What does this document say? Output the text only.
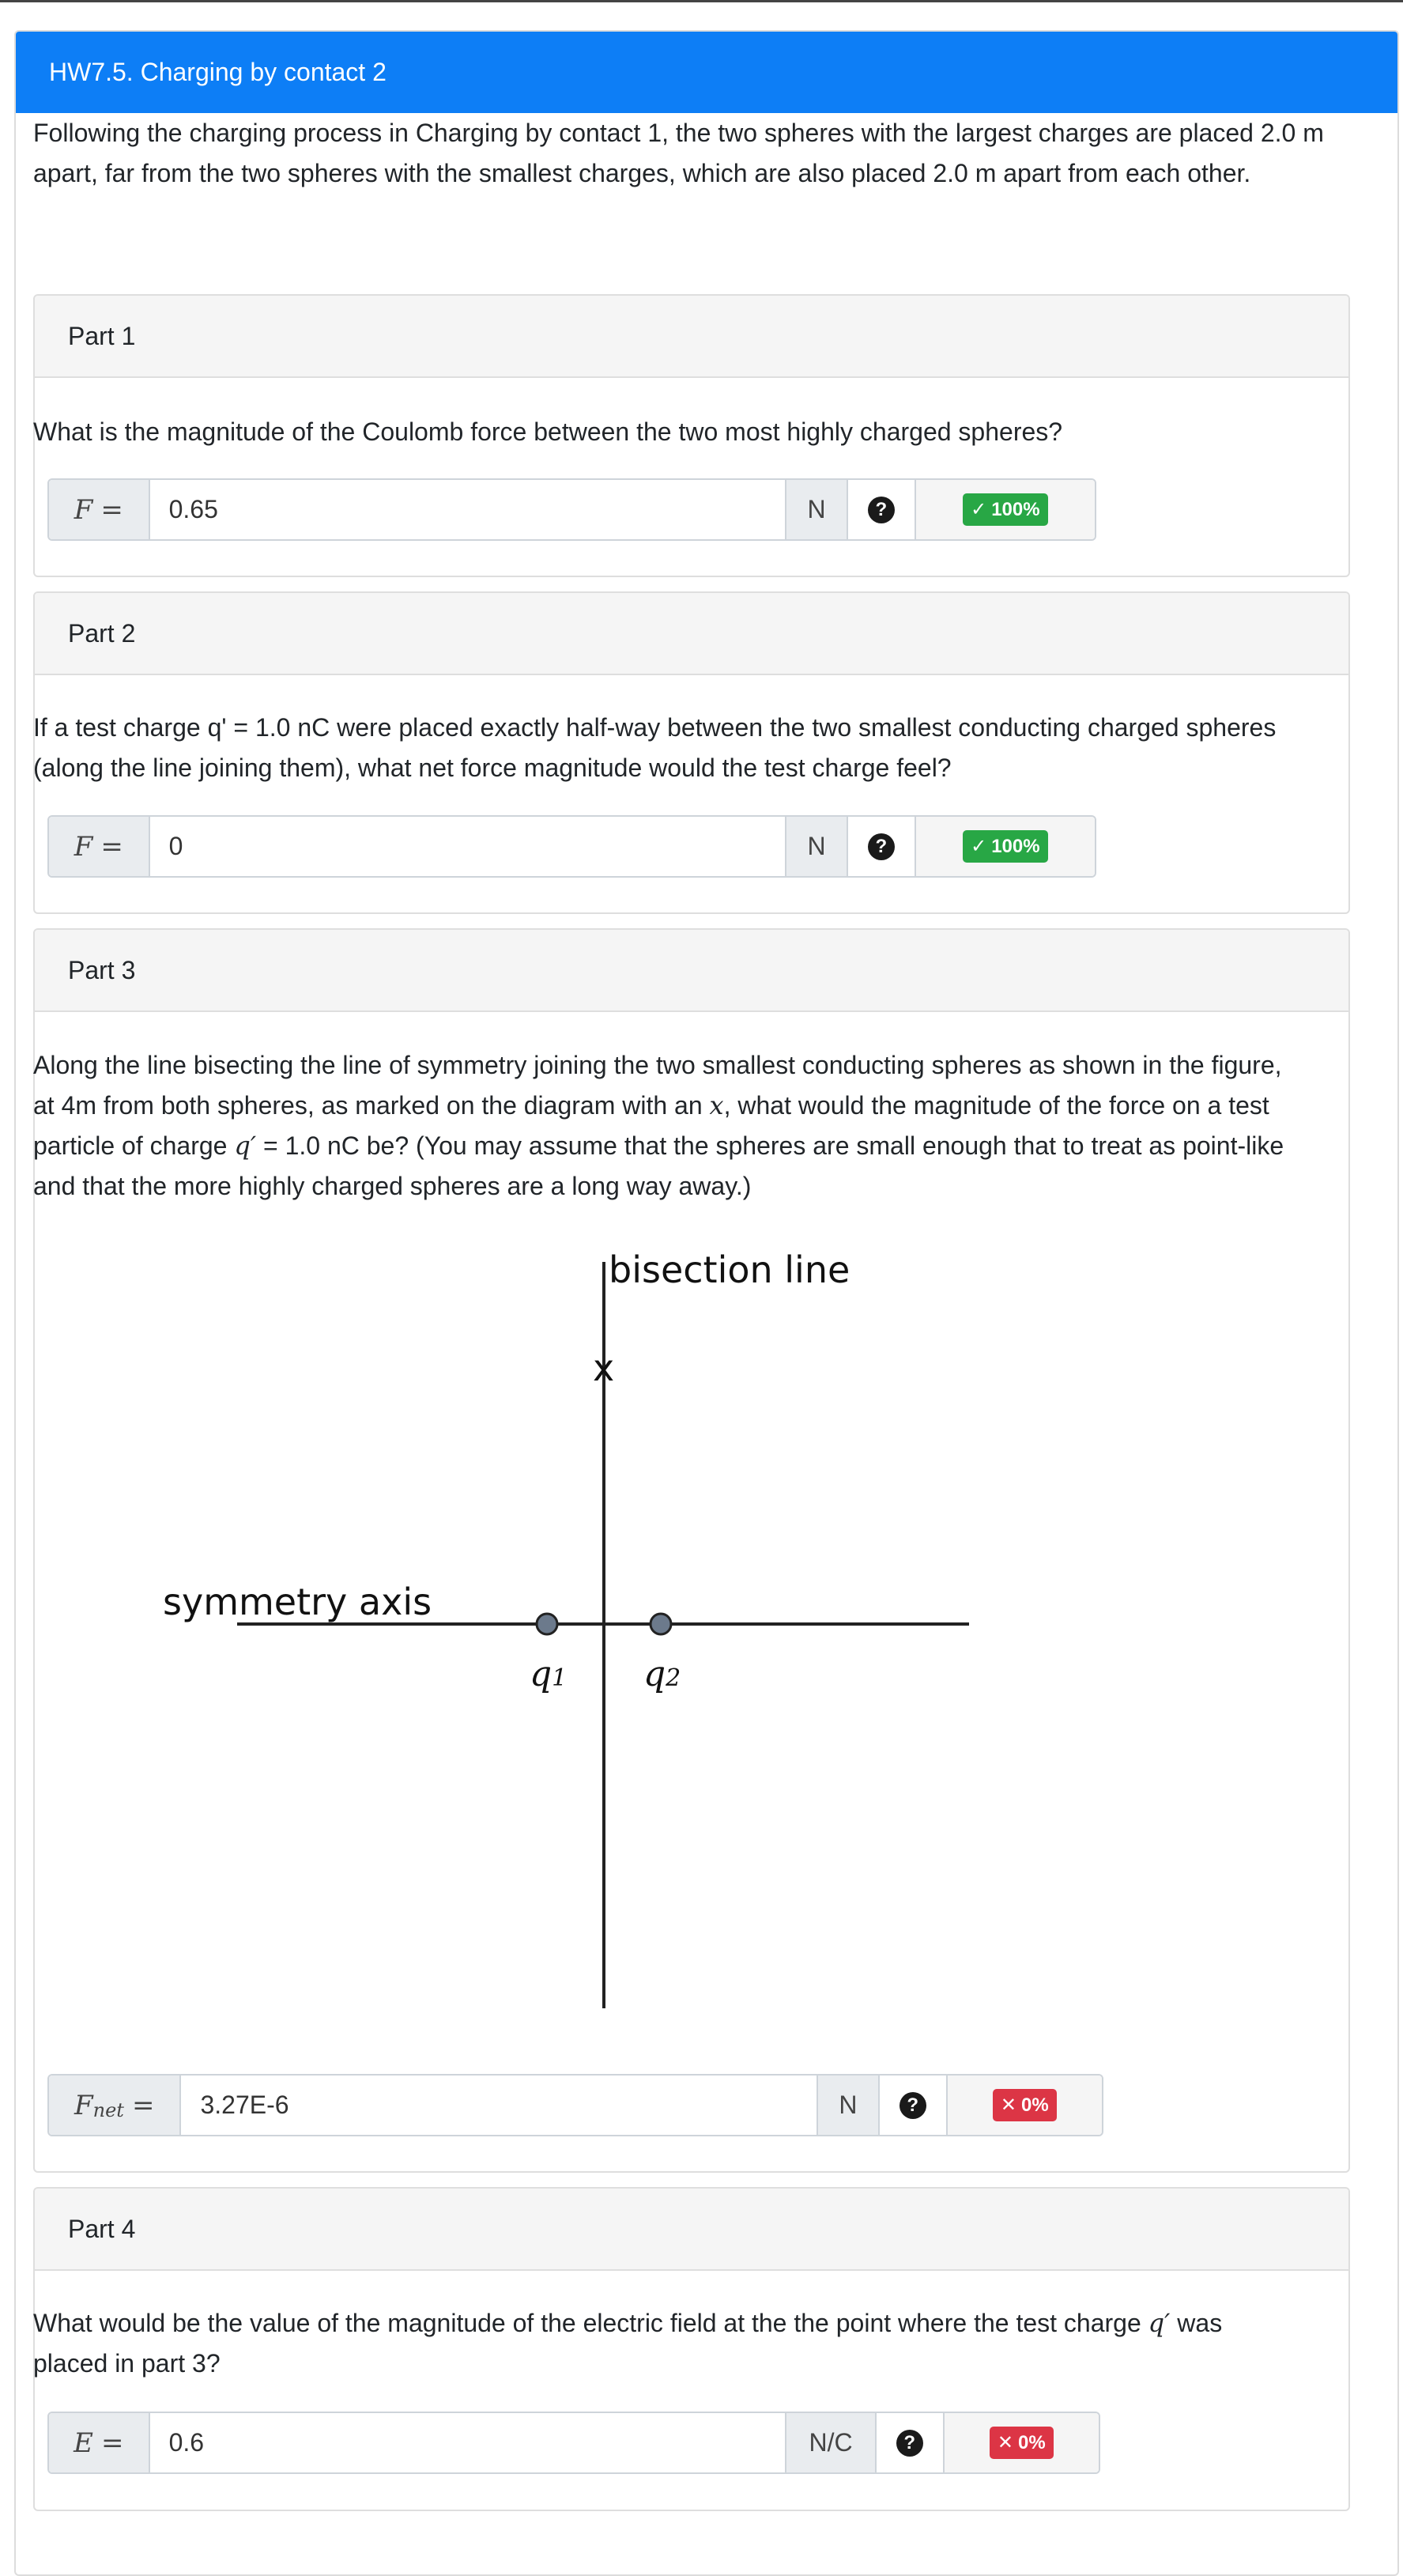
HW7.5. Charging by contact 2
Following the charging process in Charging by contact 1, the two spheres with the largest charges are placed 2.0 m apart, far from the two spheres with the smallest charges, which are also placed 2.0 m apart from each other.
Part 1
What is the magnitude of the Coulomb force between the two most highly charged spheres?
F =	0.65	N	?	✓ 100%
Part 2
If a test charge q' = 1.0 nC were placed exactly half-way between the two smallest conducting charged spheres (along the line joining them), what net force magnitude would the test charge feel?
F =	0	N	?	✓ 100%
Part 3
Along the line bisecting the line of symmetry joining the two smallest conducting spheres as shown in the figure, at 4m from both spheres, as marked on the diagram with an x, what would the magnitude of the force on a test particle of charge q′ = 1.0 nC be? (You may assume that the spheres are small enough that to treat as point-like and that the more highly charged spheres are a long way away.)
bisection line
x
symmetry axis
q1 q2
F net =	3.27E-6	N	?	✕ 0%
Part 4
What would be the value of the magnitude of the electric field at the the point where the test charge q′ was placed in part 3?
E =	0.6	N/C	?	✕ 0%
